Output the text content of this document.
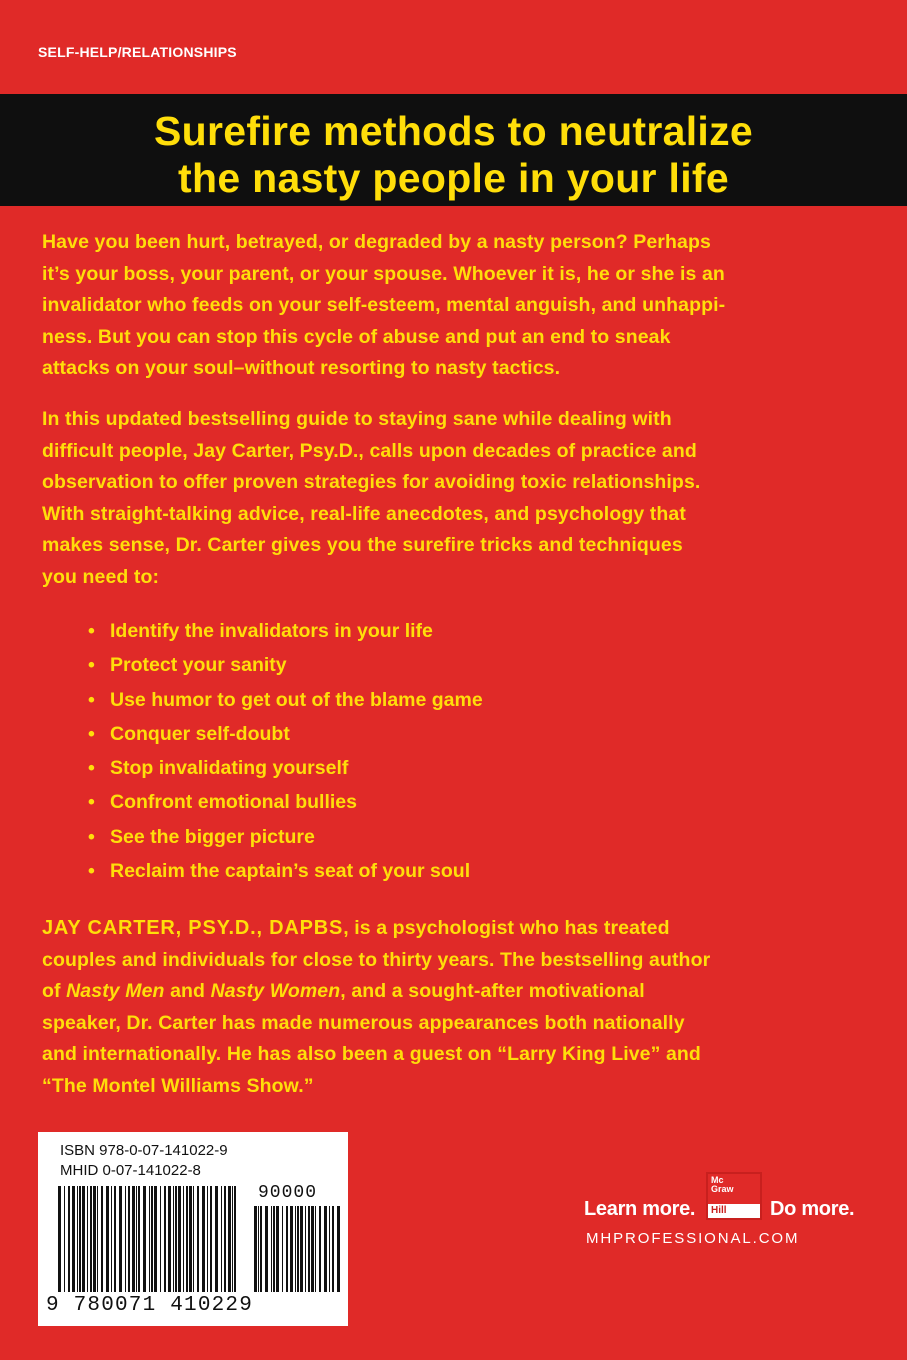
SELF-HELP/RELATIONSHIPS
Surefire methods to neutralize
the nasty people in your life
Have you been hurt, betrayed, or degraded by a nasty person? Perhaps
it’s your boss, your parent, or your spouse. Whoever it is, he or she is an
invalidator who feeds on your self-esteem, mental anguish, and unhappi-
ness. But you can stop this cycle of abuse and put an end to sneak
attacks on your soul–without resorting to nasty tactics.
In this updated bestselling guide to staying sane while dealing with
difficult people, Jay Carter, Psy.D., calls upon decades of practice and
observation to offer proven strategies for avoiding toxic relationships.
With straight-talking advice, real-life anecdotes, and psychology that
makes sense, Dr. Carter gives you the surefire tricks and techniques
you need to:
• Identify the invalidators in your life
• Protect your sanity
• Use humor to get out of the blame game
• Conquer self-doubt
• Stop invalidating yourself
• Confront emotional bullies
• See the bigger picture
• Reclaim the captain’s seat of your soul
JAY CARTER, PSY.D., DAPBS, is a psychologist who has treated
couples and individuals for close to thirty years. The bestselling author
of Nasty Men and Nasty Women, and a sought-after motivational
speaker, Dr. Carter has made numerous appearances both nationally
and internationally. He has also been a guest on “Larry King Live” and
“The Montel Williams Show.”
ISBN 978-0-07-141022-9
MHID 0-07-141022-8
90000
9 780071 410229
Learn more.
Mc
Graw
Hill	Do more.
MHPROFESSIONAL.COM
